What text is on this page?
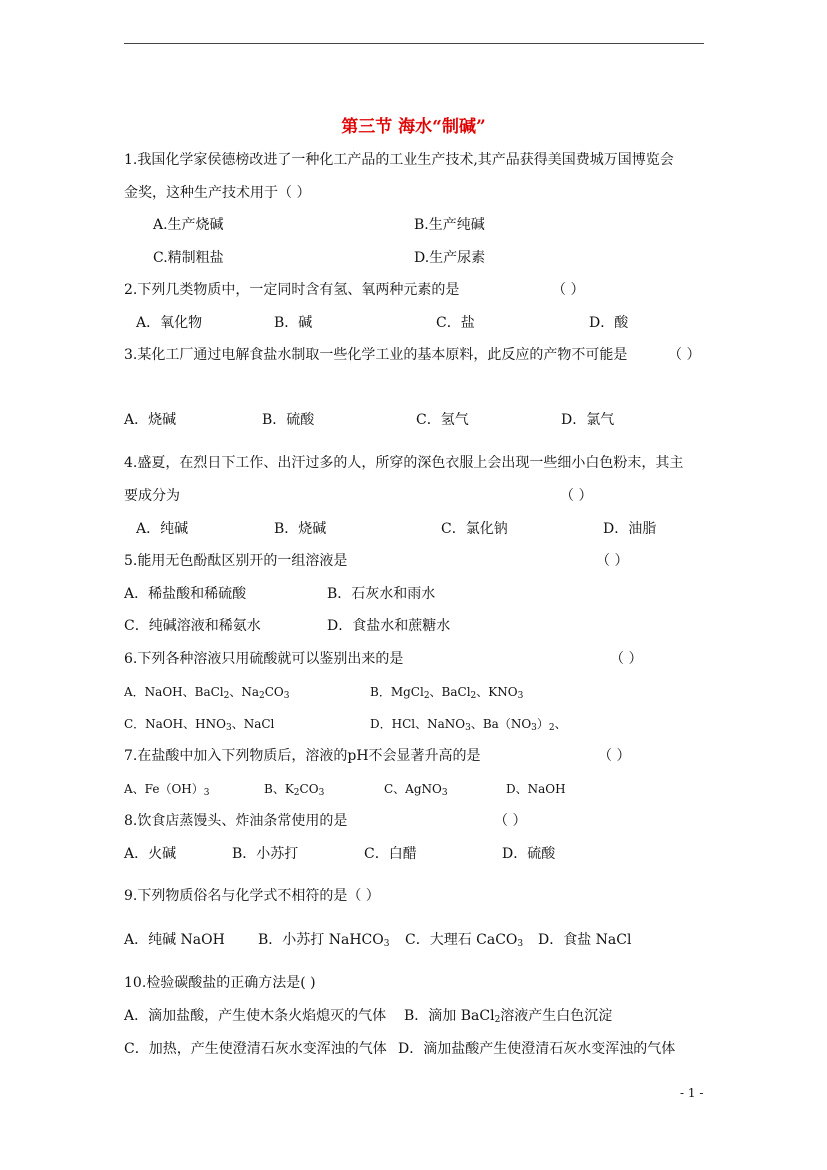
第三节 海水“制碱”
1.我国化学家侯德榜改进了一种化工产品的工业生产技术,其产品获得美国费城万国博览会
金奖，这种生产技术用于（ ）
A.生产烧碱	B.生产纯碱
C.精制粗盐	D.生产尿素
2.下列几类物质中，一定同时含有氢、氧两种元素的是	（ ）
A．氧化物	B．碱	C．盐	D．酸
3.某化工厂通过电解食盐水制取一些化学工业的基本原料，此反应的产物不可能是	（ ）
A．烧碱	B．硫酸	C．氢气	D．氯气
4.盛夏，在烈日下工作、出汗过多的人，所穿的深色衣服上会出现一些细小白色粉末，其主
要成分为	（ ）
A．纯碱	B．烧碱	C．氯化钠	D．油脂
5.能用无色酚酞区别开的一组溶液是	（ ）
A．稀盐酸和稀硫酸	B．石灰水和雨水
C．纯碱溶液和稀氨水	D．食盐水和蔗糖水
6.下列各种溶液只用硫酸就可以鉴别出来的是	（ ）
A．NaOH、BaCl$_2$、$Na_2CO_3$	B．MgCl$_2$、BaCl$_2$、$KNO_3$
C．NaOH、$HNO_3$、NaCl	D．HCl、NaNO$_3$、$Ba(NO_3)_2$、
7.在盐酸中加入下列物质后，溶液的pH不会显著升高的是	（ ）
A、$Fe(OH)_3$	B、$K_2CO_3$	C、AgNO$_3$	D、NaOH
8.饮食店蒸馒头、炸油条常使用的是	（ ）
A．火碱	B．小苏打	C．白醋	D．硫酸
9.下列物质俗名与化学式不相符的是（ ）
A．纯碱 NaOH B．小苏打 NaHCO$_3$ C．大理石 CaCO$_3$ D．食盐 NaCl
10.检验碳酸盐的正确方法是( )
A．滴加盐酸，产生使木条火焰熄灭的气体 B．滴加 BaCl$_2$溶液产生白色沉淀
C．加热，产生使澄清石灰水变浑浊的气体 D．滴加盐酸产生使澄清石灰水变浑浊的气体
- 1 -
